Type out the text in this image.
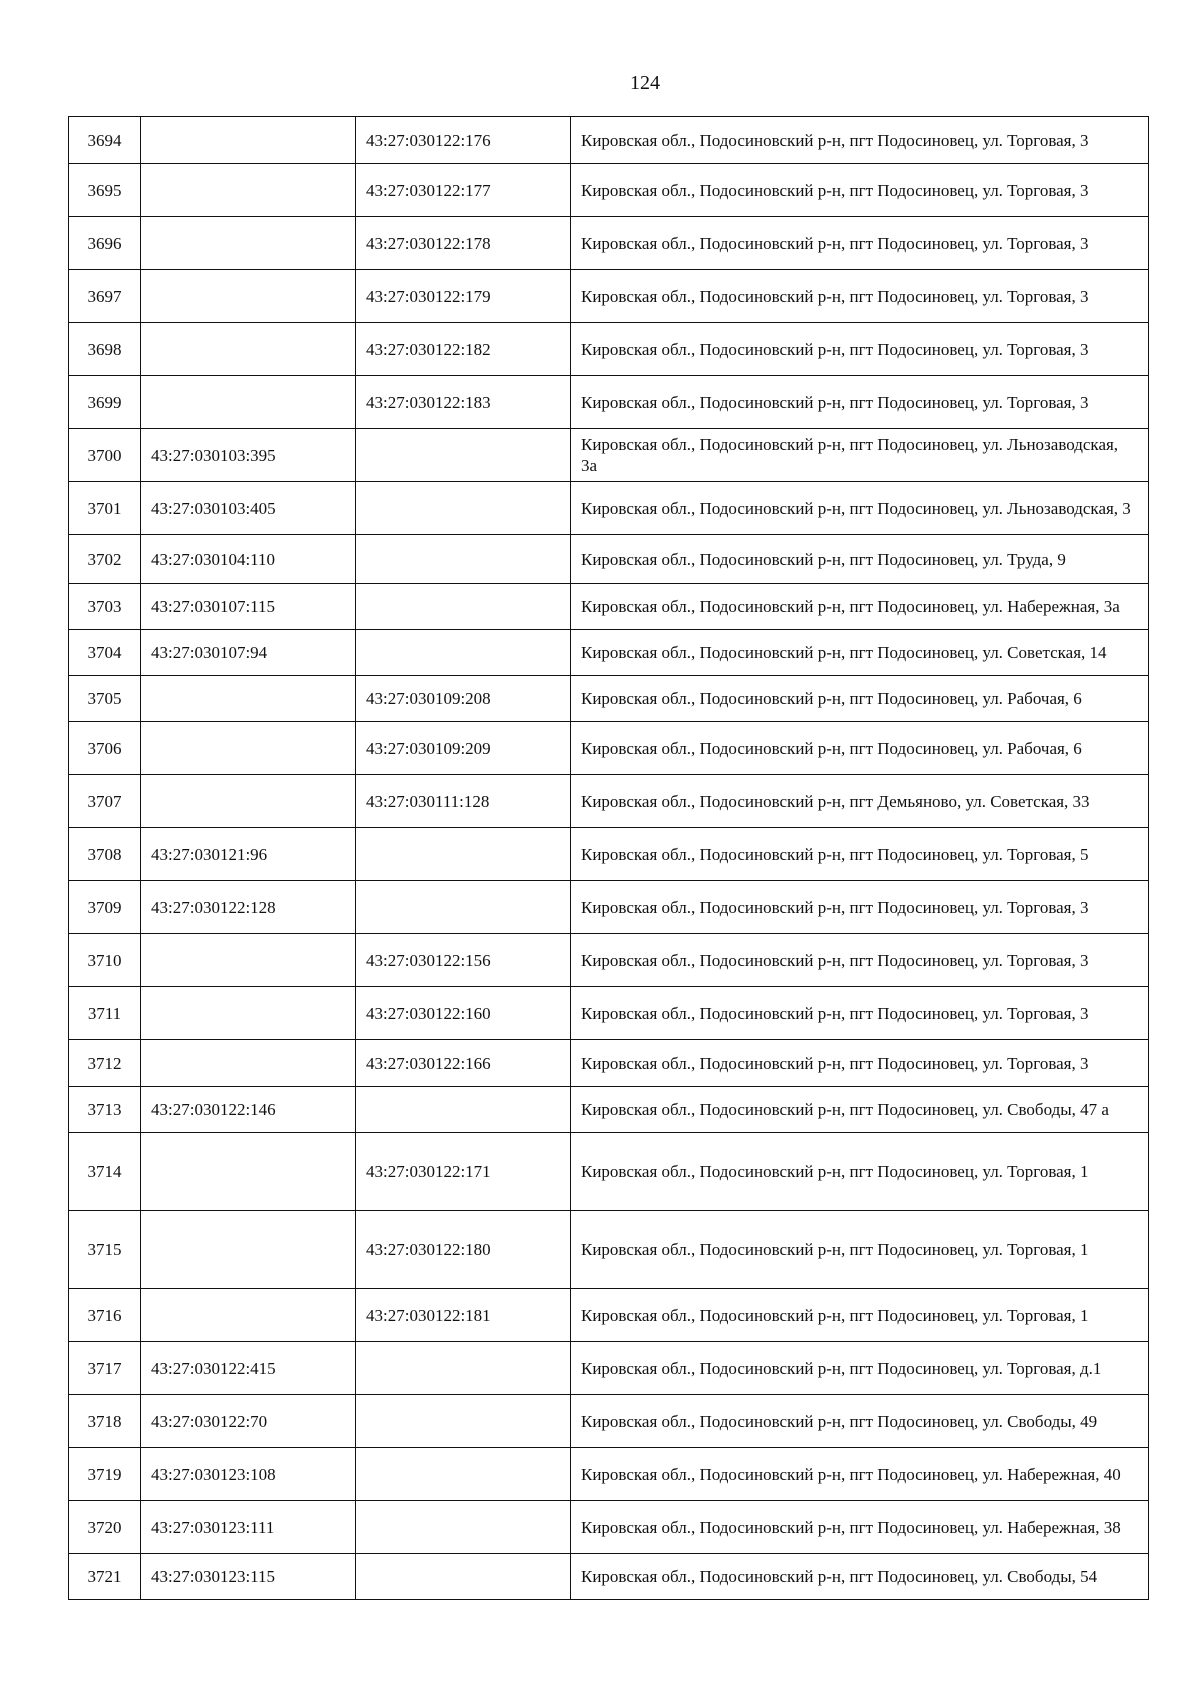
124
3694		43:27:030122:176	Кировская обл., Подосиновский р-н, пгт Подосиновец, ул. Торговая, 3
3695		43:27:030122:177	Кировская обл., Подосиновский р-н, пгт Подосиновец, ул. Торговая, 3
3696		43:27:030122:178	Кировская обл., Подосиновский р-н, пгт Подосиновец, ул. Торговая, 3
3697		43:27:030122:179	Кировская обл., Подосиновский р-н, пгт Подосиновец, ул. Торговая, 3
3698		43:27:030122:182	Кировская обл., Подосиновский р-н, пгт Подосиновец, ул. Торговая, 3
3699		43:27:030122:183	Кировская обл., Подосиновский р-н, пгт Подосиновец, ул. Торговая, 3
3700	43:27:030103:395		Кировская обл., Подосиновский р-н, пгт Подосиновец, ул. Льнозаводская, 3а
3701	43:27:030103:405		Кировская обл., Подосиновский р-н, пгт Подосиновец, ул. Льнозаводская, 3
3702	43:27:030104:110		Кировская обл., Подосиновский р-н, пгт Подосиновец, ул. Труда, 9
3703	43:27:030107:115		Кировская обл., Подосиновский р-н, пгт Подосиновец, ул. Набережная, 3а
3704	43:27:030107:94		Кировская обл., Подосиновский р-н, пгт Подосиновец, ул. Советская, 14
3705		43:27:030109:208	Кировская обл., Подосиновский р-н, пгт Подосиновец, ул. Рабочая, 6
3706		43:27:030109:209	Кировская обл., Подосиновский р-н, пгт Подосиновец, ул. Рабочая, 6
3707		43:27:030111:128	Кировская обл., Подосиновский р-н, пгт Демьяново, ул. Советская, 33
3708	43:27:030121:96		Кировская обл., Подосиновский р-н, пгт Подосиновец, ул. Торговая, 5
3709	43:27:030122:128		Кировская обл., Подосиновский р-н, пгт Подосиновец, ул. Торговая, 3
3710		43:27:030122:156	Кировская обл., Подосиновский р-н, пгт Подосиновец, ул. Торговая, 3
3711		43:27:030122:160	Кировская обл., Подосиновский р-н, пгт Подосиновец, ул. Торговая, 3
3712		43:27:030122:166	Кировская обл., Подосиновский р-н, пгт Подосиновец, ул. Торговая, 3
3713	43:27:030122:146		Кировская обл., Подосиновский р-н, пгт Подосиновец, ул. Свободы, 47 а
3714		43:27:030122:171	Кировская обл., Подосиновский р-н, пгт Подосиновец, ул. Торговая, 1
3715		43:27:030122:180	Кировская обл., Подосиновский р-н, пгт Подосиновец, ул. Торговая, 1
3716		43:27:030122:181	Кировская обл., Подосиновский р-н, пгт Подосиновец, ул. Торговая, 1
3717	43:27:030122:415		Кировская обл., Подосиновский р-н, пгт Подосиновец, ул. Торговая, д.1
3718	43:27:030122:70		Кировская обл., Подосиновский р-н, пгт Подосиновец, ул. Свободы, 49
3719	43:27:030123:108		Кировская обл., Подосиновский р-н, пгт Подосиновец, ул. Набережная, 40
3720	43:27:030123:111		Кировская обл., Подосиновский р-н, пгт Подосиновец, ул. Набережная, 38
3721	43:27:030123:115		Кировская обл., Подосиновский р-н, пгт Подосиновец, ул. Свободы, 54
